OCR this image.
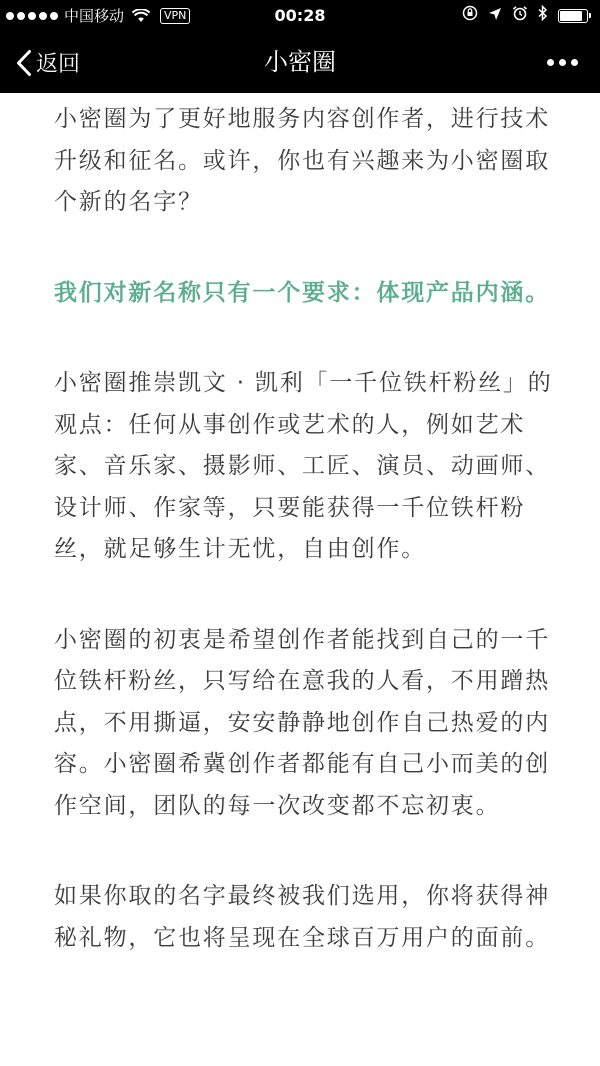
中国移动	VPN	00:28
返回	小密圈

小密圈为了更好地服务内容创作者，进行技术升级和征名。或许，你也有兴趣来为小密圈取个新的名字？

我们对新名称只有一个要求：体现产品内涵。

小密圈推崇凯文 · 凯利「一千位铁杆粉丝」的观点：任何从事创作或艺术的人，例如艺术家、音乐家、摄影师、工匠、演员、动画师、设计师、作家等，只要能获得一千位铁杆粉丝，就足够生计无忧，自由创作。

小密圈的初衷是希望创作者能找到自己的一千位铁杆粉丝，只写给在意我的人看，不用蹭热点，不用撕逼，安安静静地创作自己热爱的内容。小密圈希冀创作者都能有自己小而美的创作空间，团队的每一次改变都不忘初衷。

如果你取的名字最终被我们选用，你将获得神秘礼物，它也将呈现在全球百万用户的面前。
